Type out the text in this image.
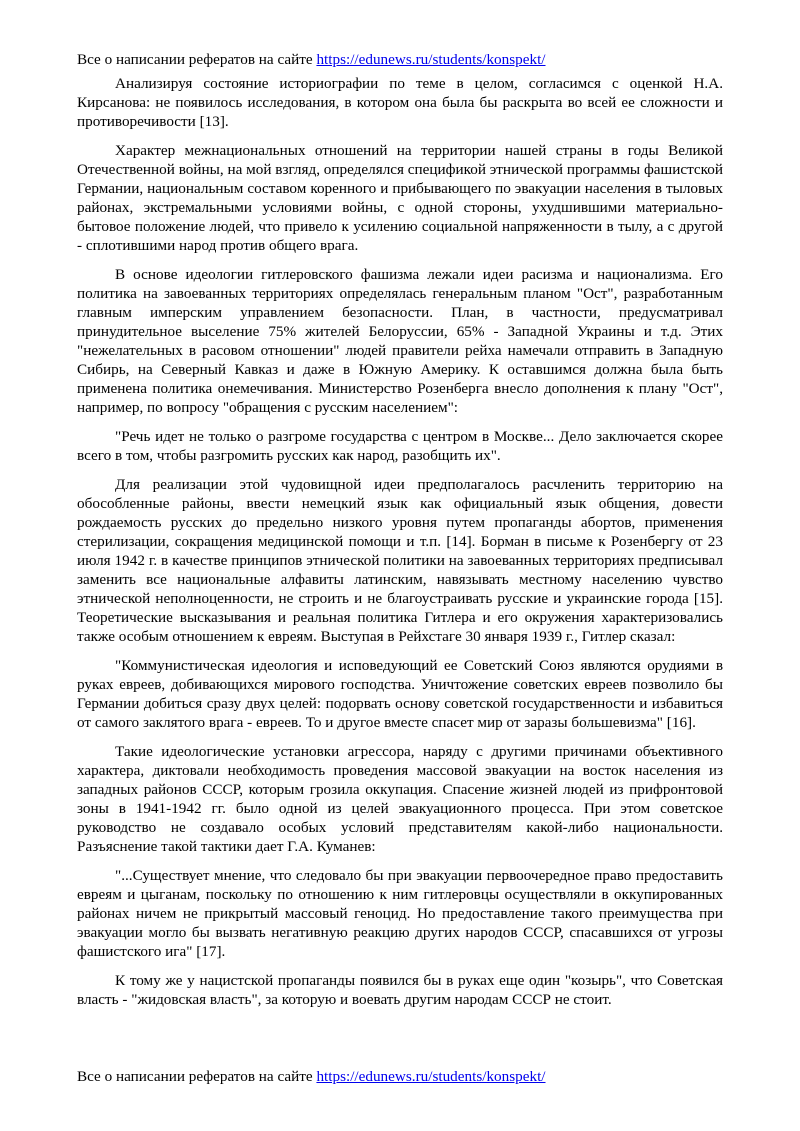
Все о написании рефератов на сайте https://edunews.ru/students/konspekt/

Анализируя состояние историографии по теме в целом, согласимся с оценкой Н.А. Кирсанова: не появилось исследования, в котором она была бы раскрыта во всей ее сложности и противоречивости [13].

Характер межнациональных отношений на территории нашей страны в годы Великой Отечественной войны, на мой взгляд, определялся спецификой этнической программы фашистской Германии, национальным составом коренного и прибывающего по эвакуации населения в тыловых районах, экстремальными условиями войны, с одной стороны, ухудшившими материально-бытовое положение людей, что привело к усилению социальной напряженности в тылу, а с другой - сплотившими народ против общего врага.

В основе идеологии гитлеровского фашизма лежали идеи расизма и национализма. Его политика на завоеванных территориях определялась генеральным планом "Ост", разработанным главным имперским управлением безопасности. План, в частности, предусматривал принудительное выселение 75% жителей Белоруссии, 65% - Западной Украины и т.д. Этих "нежелательных в расовом отношении" людей правители рейха намечали отправить в Западную Сибирь, на Северный Кавказ и даже в Южную Америку. К оставшимся должна была быть применена политика онемечивания. Министерство Розенберга внесло дополнения к плану "Ост", например, по вопросу "обращения с русским населением":

"Речь идет не только о разгроме государства с центром в Москве... Дело заключается скорее всего в том, чтобы разгромить русских как народ, разобщить их".

Для реализации этой чудовищной идеи предполагалось расчленить территорию на обособленные районы, ввести немецкий язык как официальный язык общения, довести рождаемость русских до предельно низкого уровня путем пропаганды абортов, применения стерилизации, сокращения медицинской помощи и т.п. [14]. Борман в письме к Розенбергу от 23 июля 1942 г. в качестве принципов этнической политики на завоеванных территориях предписывал заменить все национальные алфавиты латинским, навязывать местному населению чувство этнической неполноценности, не строить и не благоустраивать русские и украинские города [15]. Теоретические высказывания и реальная политика Гитлера и его окружения характеризовались также особым отношением к евреям. Выступая в Рейхстаге 30 января 1939 г., Гитлер сказал:

"Коммунистическая идеология и исповедующий ее Советский Союз являются орудиями в руках евреев, добивающихся мирового господства. Уничтожение советских евреев позволило бы Германии добиться сразу двух целей: подорвать основу советской государственности и избавиться от самого заклятого врага - евреев. То и другое вместе спасет мир от заразы большевизма" [16].

Такие идеологические установки агрессора, наряду с другими причинами объективного характера, диктовали необходимость проведения массовой эвакуации на восток населения из западных районов СССР, которым грозила оккупация. Спасение жизней людей из прифронтовой зоны в 1941-1942 гг. было одной из целей эвакуационного процесса. При этом советское руководство не создавало особых условий представителям какой-либо национальности. Разъяснение такой тактики дает Г.А. Куманев:

"...Существует мнение, что следовало бы при эвакуации первоочередное право предоставить евреям и цыганам, поскольку по отношению к ним гитлеровцы осуществляли в оккупированных районах ничем не прикрытый массовый геноцид. Но предоставление такого преимущества при эвакуации могло бы вызвать негативную реакцию других народов СССР, спасавшихся от угрозы фашистского ига" [17].

К тому же у нацистской пропаганды появился бы в руках еще один "козырь", что Советская власть - "жидовская власть", за которую и воевать другим народам СССР не стоит.

Все о написании рефератов на сайте https://edunews.ru/students/konspekt/
